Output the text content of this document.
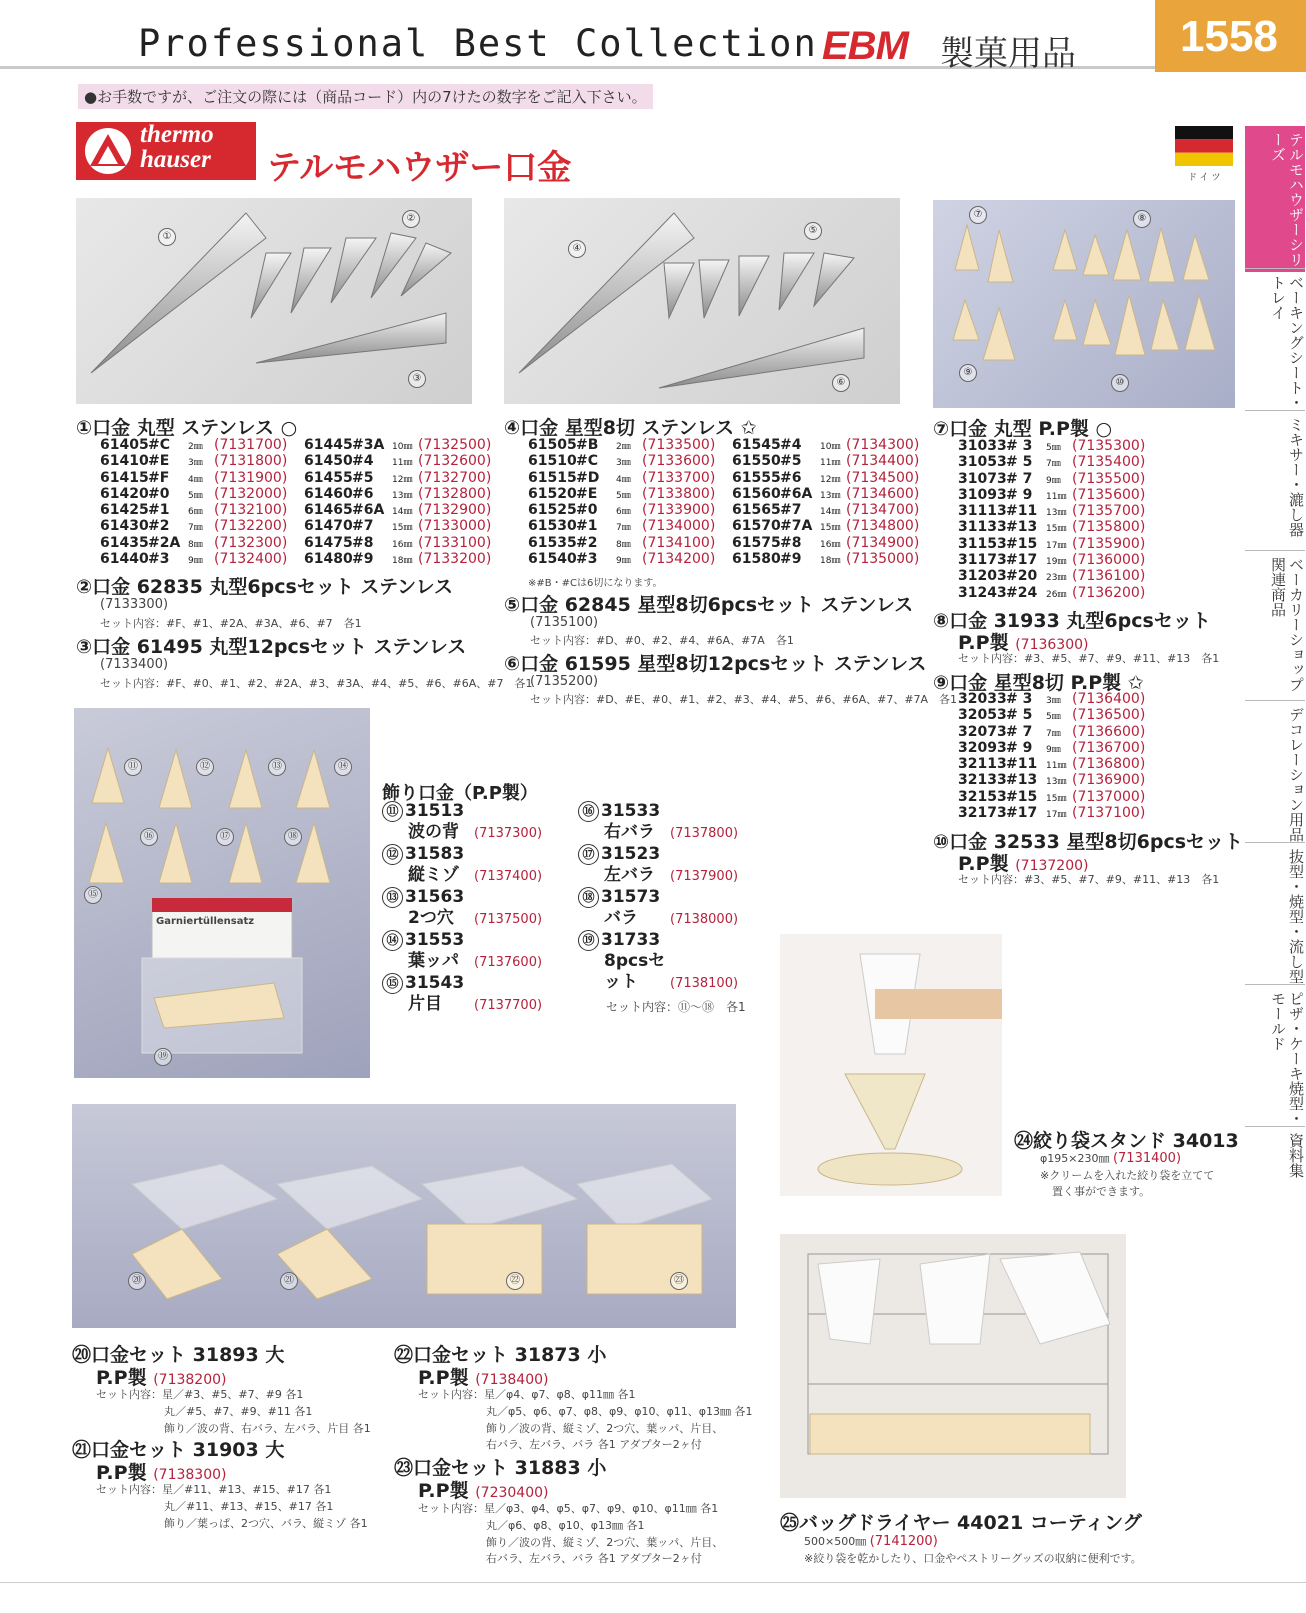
Professional Best Collection EBM 製菓用品 1558
●お手数ですが、ご注文の際には（商品コード）内の7けたの数字をご記入下さい。
thermo
hauser テルモハウザー口金	ドイツ	テルモハウザーシリーズ
ベーキングシート・トレイ
ミキサー・漉し器
ベーカリーショップ関連商品
デコレーション用品
抜型・焼型・流し型
ピザ・ケーキ焼型・モールド
資料集
①
②
③
④
⑤
⑥
⑦	⑧
⑨
⑩
①口金 丸型 ステンレス ○
61405#C 2㎜ (7131700) 61445#3A 10㎜ (7132500)
61410#E 3㎜ (7131800) 61450#4 11㎜ (7132600)
61415#F 4㎜ (7131900) 61455#5 12㎜ (7132700)
61420#0 5㎜ (7132000) 61460#6 13㎜ (7132800)
61425#1 6㎜ (7132100) 61465#6A 14㎜ (7132900)
61430#2 7㎜ (7132200) 61470#7 15㎜ (7133000)
61435#2A 8㎜ (7132300) 61475#8 16㎜ (7133100)
61440#3 9㎜ (7132400) 61480#9 18㎜ (7133200)
②口金 62835 丸型6pcsセット ステンレス
(7133300)
セット内容：#F、#1、#2A、#3A、#6、#7　各1
③口金 61495 丸型12pcsセット ステンレス
(7133400)
セット内容：#F、#0、#1、#2、#2A、#3、#3A、#4、#5、#6、#6A、#7　各1
④口金 星型8切 ステンレス ✩
61505#B 2㎜ (7133500) 61545#4 10㎜ (7134300)
61510#C 3㎜ (7133600) 61550#5 11㎜ (7134400)
61515#D 4㎜ (7133700) 61555#6 12㎜ (7134500)
61520#E 5㎜ (7133800) 61560#6A 13㎜ (7134600)
61525#0 6㎜ (7133900) 61565#7 14㎜ (7134700)
61530#1 7㎜ (7134000) 61570#7A 15㎜ (7134800)
61535#2 8㎜ (7134100) 61575#8 16㎜ (7134900)
61540#3 9㎜ (7134200) 61580#9 18㎜ (7135000)
※#B・#Cは6切になります。
⑤口金 62845 星型8切6pcsセット ステンレス
(7135100)
セット内容：#D、#0、#2、#4、#6A、#7A　各1
⑥口金 61595 星型8切12pcsセット ステンレス
(7135200)
セット内容：#D、#E、#0、#1、#2、#3、#4、#5、#6、#6A、#7、#7A　各1
⑦口金 丸型 P.P製 ○
31033# 3 5㎜ (7135300)
31053# 5 7㎜ (7135400)
31073# 7 9㎜ (7135500)
31093# 9 11㎜ (7135600)
31113#11 13㎜ (7135700)
31133#13 15㎜ (7135800)
31153#15 17㎜ (7135900)
31173#17 19㎜ (7136000)
31203#20 23㎜ (7136100)
31243#24 26㎜ (7136200)
⑧口金 31933 丸型6pcsセット
P.P製 (7136300)
セット内容：#3、#5、#7、#9、#11、#13　各1
⑨口金 星型8切 P.P製 ✩
32033# 3 3㎜ (7136400)
32053# 5 5㎜ (7136500)
32073# 7 7㎜ (7136600)
32093# 9 9㎜ (7136700)
32113#11 11㎜ (7136800)
32133#13 13㎜ (7136900)
32153#15 15㎜ (7137000)
32173#17 17㎜ (7137100)
⑩口金 32533 星型8切6pcsセット
P.P製 (7137200)
セット内容：#3、#5、#7、#9、#11、#13　各1
Garniertüllensatz
⑪	⑫	⑬	⑭
⑮
⑯	⑰	⑱
⑲
飾り口金（P.P製）
⑪ 31513
波の背 (7137300)
⑫ 31583
縦ミゾ (7137400)
⑬ 31563
2つ穴 (7137500)
⑭ 31553
葉ッパ (7137600)
⑮ 31543
片目 (7137700)
⑯ 31533
右バラ (7137800)
⑰ 31523
左バラ (7137900)
⑱ 31573
バラ (7138000)
⑲ 31733
8pcsセット (7138100)
セット内容：⑪～⑱　各1
⑳	㉑	㉒	㉓
⑳口金セット 31893 大
P.P製 (7138200)
セット内容：星／#3、#5、#7、#9 各1
丸／#5、#7、#9、#11 各1
飾り／波の背、右バラ、左バラ、片目 各1
㉑口金セット 31903 大
P.P製 (7138300)
セット内容：星／#11、#13、#15、#17 各1
丸／#11、#13、#15、#17 各1
飾り／葉っぱ、2つ穴、バラ、縦ミゾ 各1
㉒口金セット 31873 小
P.P製 (7138400)
セット内容：星／φ4、φ7、φ8、φ11㎜ 各1
丸／φ5、φ6、φ7、φ8、φ9、φ10、φ11、φ13㎜ 各1
飾り／波の背、縦ミゾ、2つ穴、葉ッパ、片目、
右バラ、左バラ、バラ 各1 アダプター2ヶ付
㉓口金セット 31883 小
P.P製 (7230400)
セット内容：星／φ3、φ4、φ5、φ7、φ9、φ10、φ11㎜ 各1
丸／φ6、φ8、φ10、φ13㎜ 各1
飾り／波の背、縦ミゾ、2つ穴、葉ッパ、片目、
右バラ、左バラ、バラ 各1 アダプター2ヶ付
㉔絞り袋スタンド 34013
φ195×230㎜ (7131400)
※クリームを入れた絞り袋を立てて
置く事ができます。
㉕バッグドライヤー 44021 コーティング
500×500㎜ (7141200)
※絞り袋を乾かしたり、口金やペストリーグッズの収納に便利です。
